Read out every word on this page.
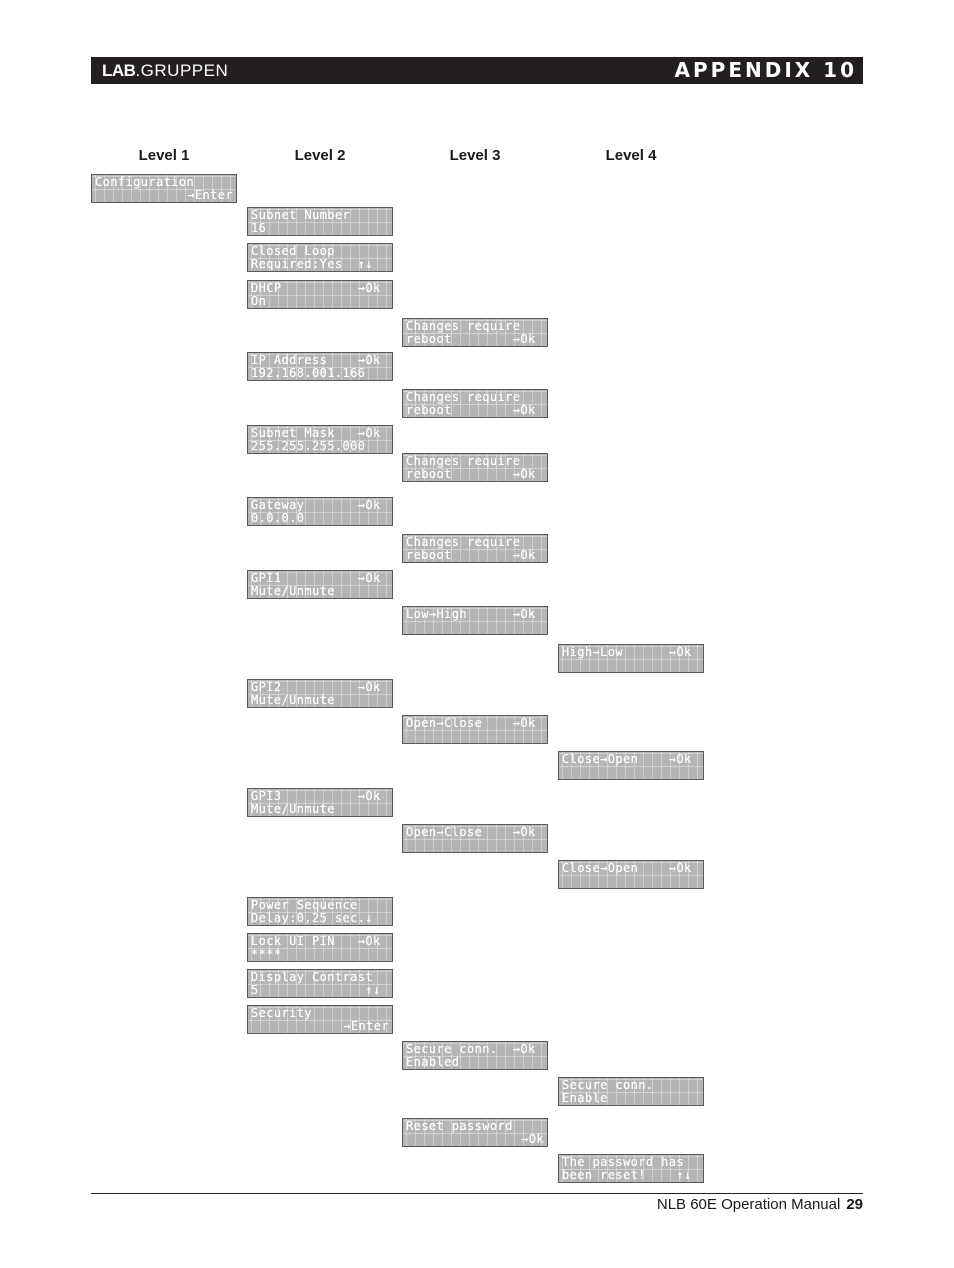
LAB.GRUPPEN	APPENDIX 10
Level 1	Level 2	Level 3	Level 4
Configuration
→Enter
Subnet Number
16
Closed Loop
Required:Yes  ↑↓
DHCP          →Ok
On
Changes require
reboot        →Ok
IP Address    →Ok
192.168.001.166
Changes require
reboot        →Ok
Subnet Mask   →Ok
255.255.255.000
Changes require
reboot        →Ok
Gateway       →Ok
0.0.0.0
Changes require
reboot        →Ok
GPI1          →Ok
Mute/Unmute
Low→High      →Ok
High→Low      →Ok
GPI2          →Ok
Mute/Unmute
Open→Close    →Ok
Close→Open    →Ok
GPI3          →Ok
Mute/Unmute
Open→Close    →Ok
Close→Open    →Ok
Power Sequence
Delay:0,25 sec.↓
Lock UI PIN   →Ok
****
Display Contrast
5              ↑↓
Security
→Enter
Secure conn.  →Ok
Enabled
Secure conn.
Enable
Reset password
→Ok
The password has
been reset!    ↑↓
NLB 60E Operation Manual 29
